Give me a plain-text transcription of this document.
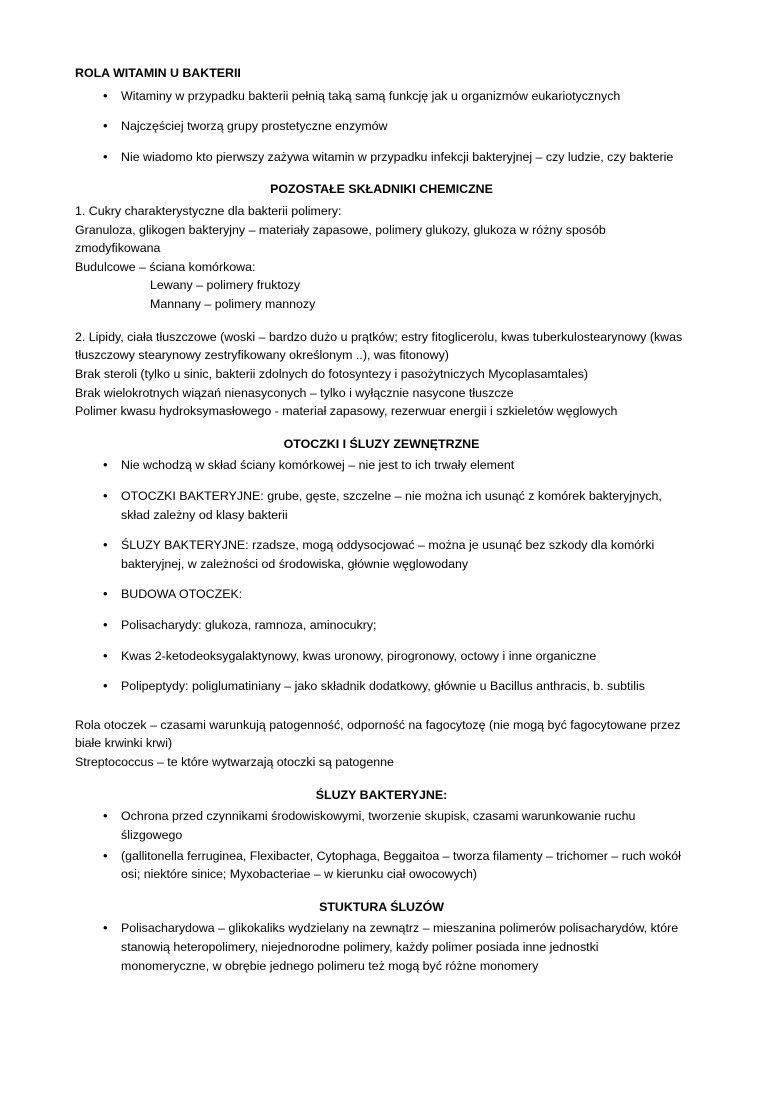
ROLA WITAMIN U BAKTERII
• Witaminy w przypadku bakterii pełnią taką samą funkcję jak u organizmów eukariotycznych
• Najczęściej tworzą grupy prostetyczne enzymów
• Nie wiadomo kto pierwszy zażywa witamin w przypadku infekcji bakteryjnej – czy ludzie, czy bakterie
POZOSTAŁE SKŁADNIKI CHEMICZNE

1. Cukry charakterystyczne dla bakterii polimery:

Granuloza, glikogen bakteryjny – materiały zapasowe, polimery glukozy, glukoza w różny sposób zmodyfikowana

Budulcowe – ściana komórkowa:

Lewany – polimery fruktozy

Mannany – polimery mannozy

2. Lipidy, ciała tłuszczowe (woski – bardzo dużo u prątków; estry fitoglicerolu, kwas tuberkulostearynowy (kwas tłuszczowy stearynowy zestryfikowany określonym ..), was fitonowy)

Brak steroli (tylko u sinic, bakterii zdolnych do fotosyntezy i pasożytniczych Mycoplasamtales)

Brak wielokrotnych wiązań nienasyconych – tylko i wyłącznie nasycone tłuszcze

Polimer kwasu hydroksymasłowego - materiał zapasowy, rezerwuar energii i szkieletów węglowych

OTOCZKI I ŚLUZY ZEWNĘTRZNE
• Nie wchodzą w skład ściany komórkowej – nie jest to ich trwały element
• OTOCZKI BAKTERYJNE: grube, gęste, szczelne – nie można ich usunąć z komórek bakteryjnych, skład zależny od klasy bakterii
• ŚLUZY BAKTERYJNE: rzadsze, mogą oddysocjować – można je usunąć bez szkody dla komórki bakteryjnej, w zależności od środowiska, głównie węglowodany
• BUDOWA OTOCZEK:
• Polisacharydy: glukoza, ramnoza, aminocukry;
• Kwas 2-ketodeoksygalaktynowy, kwas uronowy, pirogronowy, octowy i inne organiczne
• Polipeptydy: poliglumatiniany – jako składnik dodatkowy, głównie u Bacillus anthracis, b. subtilis

Rola otoczek – czasami warunkują patogenność, odporność na fagocytozę (nie mogą być fagocytowane przez białe krwinki krwi)

Streptococcus – te które wytwarzają otoczki są patogenne

ŚLUZY BAKTERYJNE:
• Ochrona przed czynnikami środowiskowymi, tworzenie skupisk, czasami warunkowanie ruchu ślizgowego
• (gallitonella ferruginea, Flexibacter, Cytophaga, Beggaitoa – tworza filamenty – trichomer – ruch wokół osi; niektóre sinice; Myxobacteriae – w kierunku ciał owocowych)
STUKTURA ŚLUZÓW
• Polisacharydowa – glikokaliks wydzielany na zewnątrz – mieszanina polimerów polisacharydów, które stanowią heteropolimery, niejednorodne polimery, każdy polimer posiada inne jednostki monomeryczne, w obrębie jednego polimeru też mogą być różne monomery
